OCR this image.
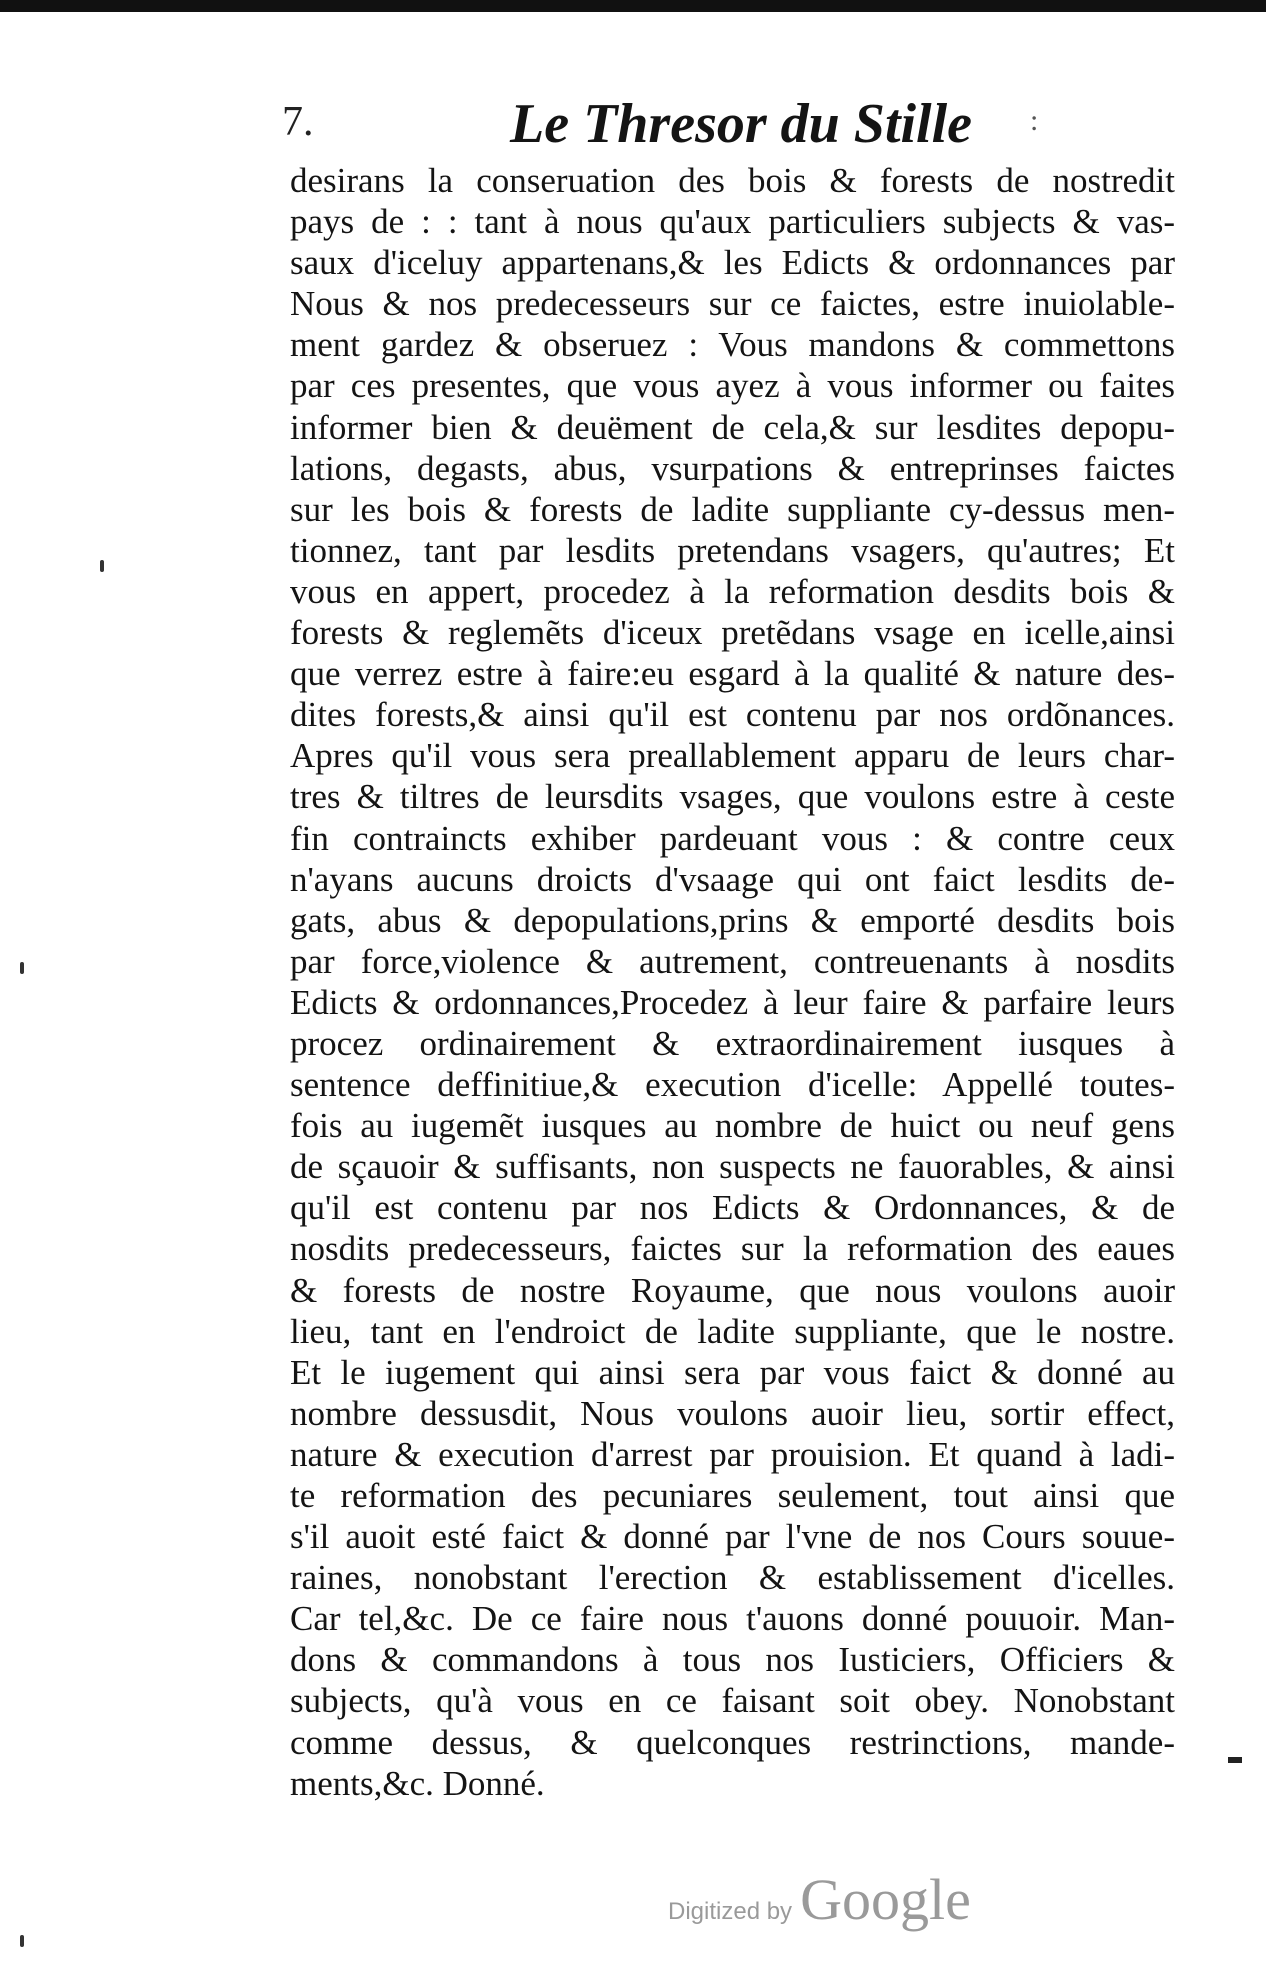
7.	Le Thresor du Stille :
desirans la conseruation des bois & forests de nostredit
pays de : : tant à nous qu'aux particuliers subjects & vas-
saux d'iceluy appartenans,& les Edicts & ordonnances par
Nous & nos predecesseurs sur ce faictes, estre inuiolable-
ment gardez & obseruez : Vous mandons & commettons
par ces presentes, que vous ayez à vous informer ou faites
informer bien & deuëment de cela,& sur lesdites depopu-
lations, degasts, abus, vsurpations & entreprinses faictes
sur les bois & forests de ladite suppliante cy-dessus men-
tionnez, tant par lesdits pretendans vsagers, qu'autres; Et
vous en appert, procedez à la reformation desdits bois &
forests & reglemẽts d'iceux pretẽdans vsage en icelle,ainsi
que verrez estre à faire:eu esgard à la qualité & nature des-
dites forests,& ainsi qu'il est contenu par nos ordõnances.
Apres qu'il vous sera preallablement apparu de leurs char-
tres & tiltres de leursdits vsages, que voulons estre à ceste
fin contraincts exhiber pardeuant vous : & contre ceux
n'ayans aucuns droicts d'vsaage qui ont faict lesdits de-
gats, abus & depopulations,prins & emporté desdits bois
par force,violence & autrement, contreuenants à nosdits
Edicts & ordonnances,Procedez à leur faire & parfaire leurs
procez ordinairement & extraordinairement iusques à
sentence deffinitiue,& execution d'icelle: Appellé toutes-
fois au iugemẽt iusques au nombre de huict ou neuf gens
de sçauoir & suffisants, non suspects ne fauorables, & ainsi
qu'il est contenu par nos Edicts & Ordonnances, & de
nosdits predecesseurs, faictes sur la reformation des eaues
& forests de nostre Royaume, que nous voulons auoir
lieu, tant en l'endroict de ladite suppliante, que le nostre.
Et le iugement qui ainsi sera par vous faict & donné au
nombre dessusdit, Nous voulons auoir lieu, sortir effect,
nature & execution d'arrest par prouision. Et quand à ladi-
te reformation des pecuniares seulement, tout ainsi que
s'il auoit esté faict & donné par l'vne de nos Cours souue-
raines, nonobstant l'erection & establissement d'icelles.
Car tel,&c. De ce faire nous t'auons donné pouuoir. Man-
dons & commandons à tous nos Iusticiers, Officiers &
subjects, qu'à vous en ce faisant soit obey. Nonobstant
comme dessus, & quelconques restrinctions, mande-
ments,&c. Donné.
Digitized by Google
